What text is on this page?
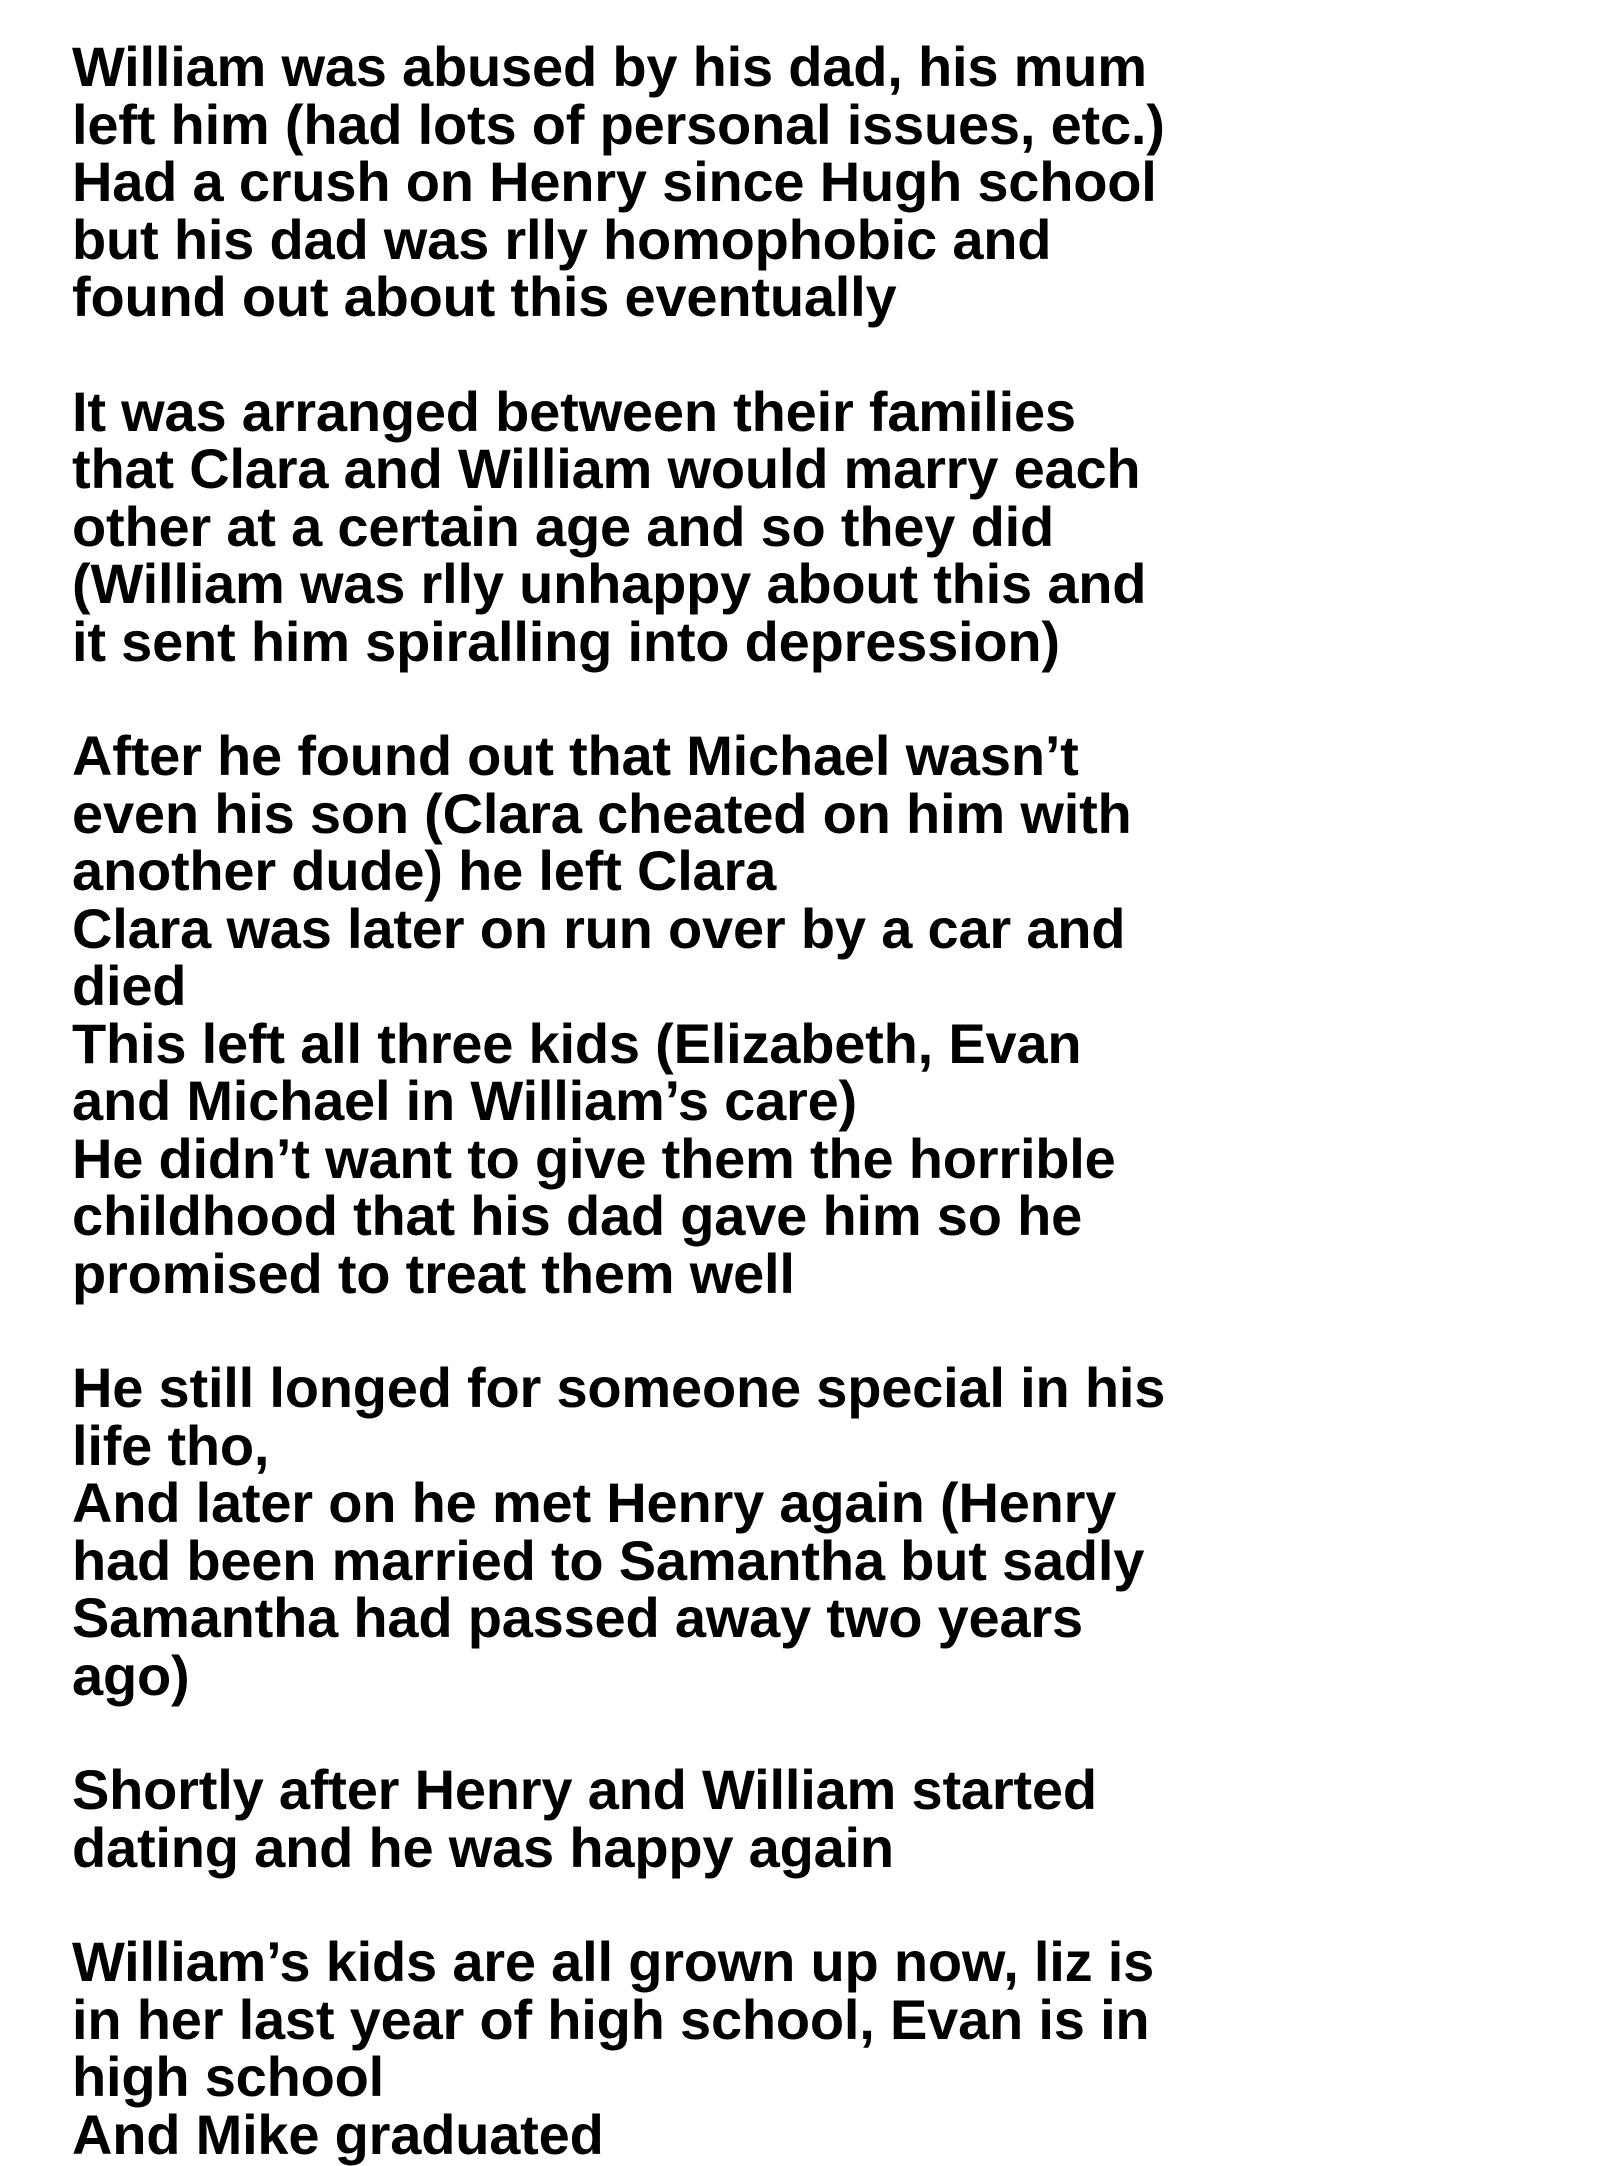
William was abused by his dad, his mum
left him (had lots of personal issues, etc.)
Had a crush on Henry since Hugh school
but his dad was rlly homophobic and
found out about this eventually
It was arranged between their families
that Clara and William would marry each
other at a certain age and so they did
(William was rlly unhappy about this and
it sent him spiralling into depression)
After he found out that Michael wasn’t
even his son (Clara cheated on him with
another dude) he left Clara
Clara was later on run over by a car and
died
This left all three kids (Elizabeth, Evan
and Michael in William’s care)
He didn’t want to give them the horrible
childhood that his dad gave him so he
promised to treat them well
He still longed for someone special in his
life tho,
And later on he met Henry again (Henry
had been married to Samantha but sadly
Samantha had passed away two years
ago)
Shortly after Henry and William started
dating and he was happy again
William’s kids are all grown up now, liz is
in her last year of high school, Evan is in
high school
And Mike graduated
